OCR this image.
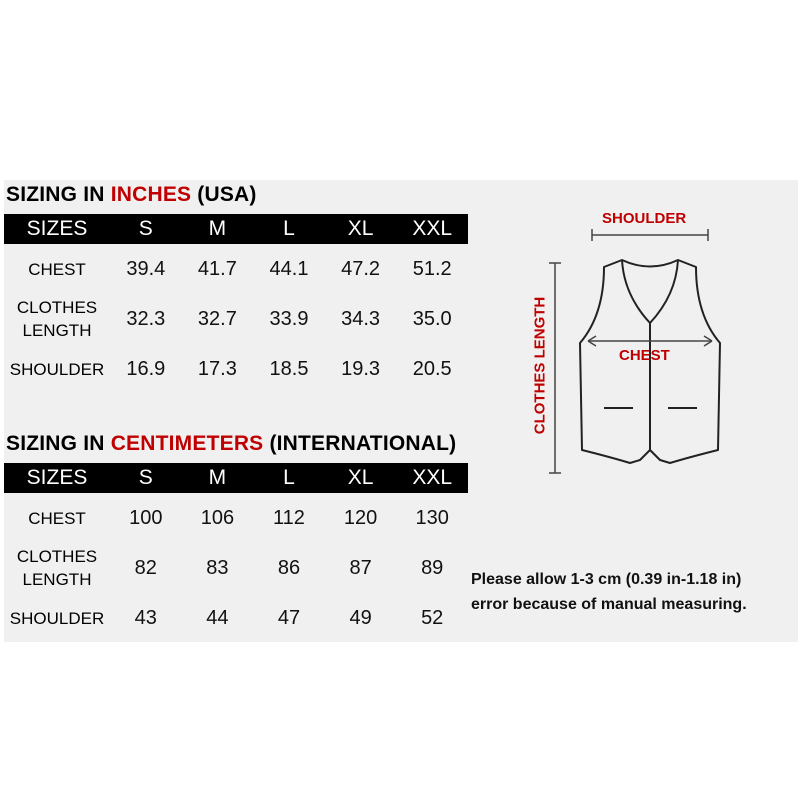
SIZING IN INCHES (USA)
SIZES	S	M	L	XL	XXL
CHEST	39.4	41.7	44.1	47.2	51.2
CLOTHES
LENGTH	32.3	32.7	33.9	34.3	35.0
SHOULDER	16.9	17.3	18.5	19.3	20.5
SIZING IN CENTIMETERS (INTERNATIONAL)
SIZES	S	M	L	XL	XXL
CHEST	100	106	112	120	130
CLOTHES
LENGTH	82	83	86	87	89
SHOULDER	43	44	47	49	52
SHOULDER
CHEST
CLOTHES LENGTH
Please allow 1-3 cm (0.39 in-1.18 in)
error because of manual measuring.
